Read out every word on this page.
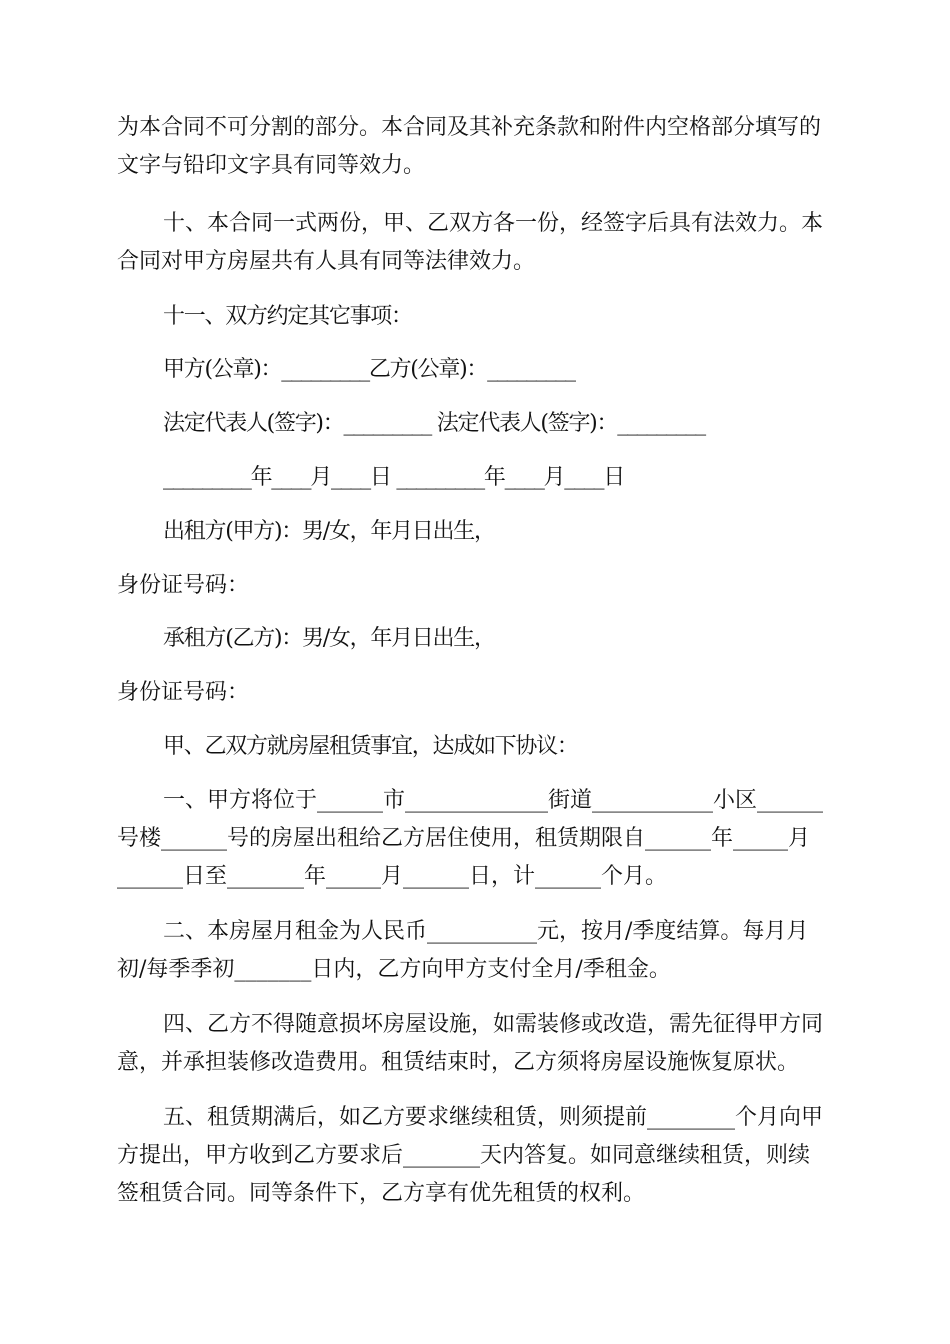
为本合同不可分割的部分。本合同及其补充条款和附件内空格部分填写的
文字与铅印文字具有同等效力。
十、本合同一式两份，甲、乙双方各一份，经签字后具有法效力。本
合同对甲方房屋共有人具有同等法律效力。
十一、双方约定其它事项：
甲方(公章)：_________乙方(公章)：_________
法定代表人(签字)：_________ 法定代表人(签字)：_________
_________年____月____日 _________年____月____日
出租方(甲方)：男/女，年月日出生，
身份证号码：
承租方(乙方)：男/女，年月日出生，
身份证号码：
甲、乙双方就房屋租赁事宜，达成如下协议：
一、甲方将位于______市_____________街道___________小区______
号楼______号的房屋出租给乙方居住使用，租赁期限自______年_____月
______日至_______年_____月______日，计______个月。
二、本房屋月租金为人民币__________元，按月/季度结算。每月月
初/每季季初_______日内，乙方向甲方支付全月/季租金。
四、乙方不得随意损坏房屋设施，如需装修或改造，需先征得甲方同
意，并承担装修改造费用。租赁结束时，乙方须将房屋设施恢复原状。
五、租赁期满后，如乙方要求继续租赁，则须提前________个月向甲
方提出，甲方收到乙方要求后_______天内答复。如同意继续租赁，则续
签租赁合同。同等条件下，乙方享有优先租赁的权利。
